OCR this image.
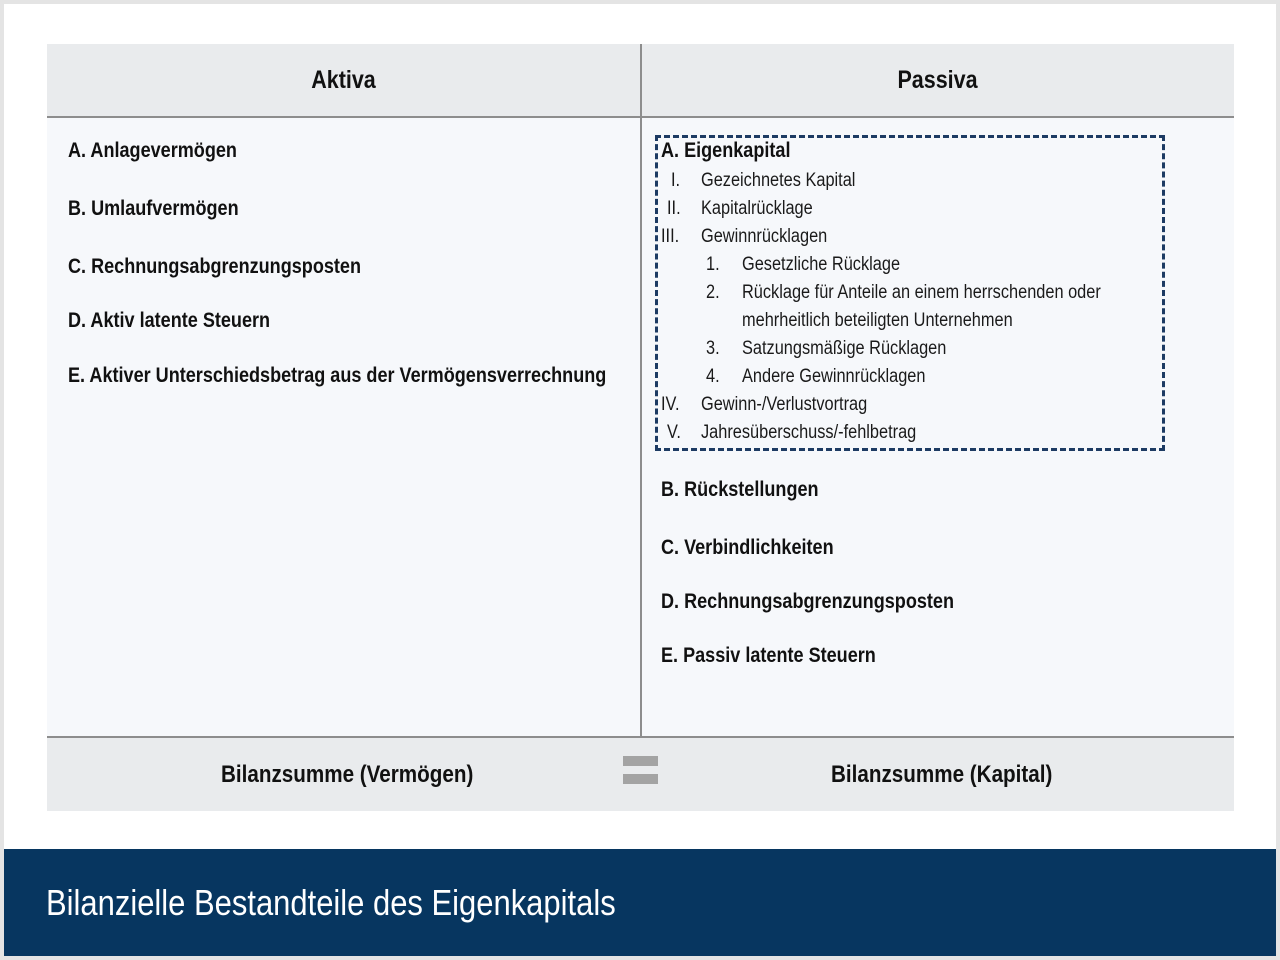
Aktiva	Passiva
A. Anlagevermögen
B. Umlaufvermögen
C. Rechnungsabgrenzungsposten
D. Aktiv latente Steuern
E. Aktiver Unterschiedsbetrag aus der Vermögensverrechnung
A. Eigenkapital
I. Gezeichnetes Kapital
II. Kapitalrücklage
III. Gewinnrücklagen
1. Gesetzliche Rücklage
2. Rücklage für Anteile an einem herrschenden oder
mehrheitlich beteiligten Unternehmen
3. Satzungsmäßige Rücklagen
4. Andere Gewinnrücklagen
IV. Gewinn-/Verlustvortrag
V. Jahresüberschuss/-fehlbetrag
B. Rückstellungen
C. Verbindlichkeiten
D. Rechnungsabgrenzungsposten
E. Passiv latente Steuern
Bilanzsumme (Vermögen)	Bilanzsumme (Kapital)
Bilanzielle Bestandteile des Eigenkapitals
